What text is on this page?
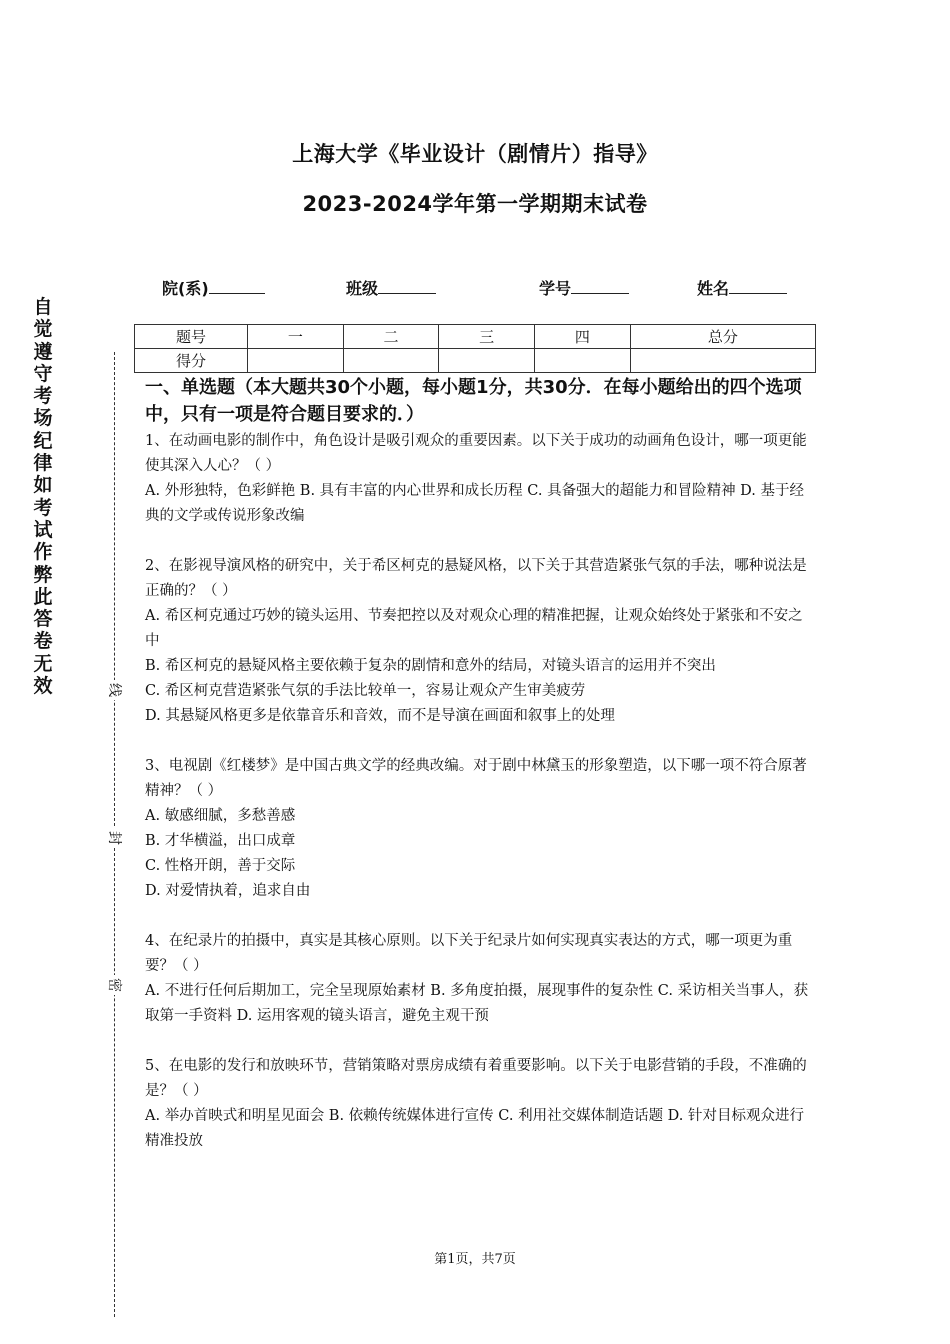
上海大学《毕业设计（剧情片）指导》
2023-2024学年第一学期期末试卷
院(系)	班级	学号	姓名
题号	一	二	三	四	总分
得分					
自觉遵守考场纪律如考试作弊此答卷无效	线
封
密
一、单选题（本大题共30个小题，每小题1分，共30分．在每小题给出的四个选项中，只有一项是符合题目要求的．）

1、在动画电影的制作中，角色设计是吸引观众的重要因素。以下关于成功的动画角色设计，哪一项更能使其深入人心？（ ）

A. 外形独特，色彩鲜艳 B. 具有丰富的内心世界和成长历程 C. 具备强大的超能力和冒险精神 D. 基于经典的文学或传说形象改编

2、在影视导演风格的研究中，关于希区柯克的悬疑风格，以下关于其营造紧张气氛的手法，哪种说法是正确的？（ ）

A. 希区柯克通过巧妙的镜头运用、节奏把控以及对观众心理的精准把握，让观众始终处于紧张和不安之中

B. 希区柯克的悬疑风格主要依赖于复杂的剧情和意外的结局，对镜头语言的运用并不突出

C. 希区柯克营造紧张气氛的手法比较单一，容易让观众产生审美疲劳

D. 其悬疑风格更多是依靠音乐和音效，而不是导演在画面和叙事上的处理

3、电视剧《红楼梦》是中国古典文学的经典改编。对于剧中林黛玉的形象塑造，以下哪一项不符合原著精神？（ ）

A. 敏感细腻，多愁善感

B. 才华横溢，出口成章

C. 性格开朗，善于交际

D. 对爱情执着，追求自由

4、在纪录片的拍摄中，真实是其核心原则。以下关于纪录片如何实现真实表达的方式，哪一项更为重要？（ ）

A. 不进行任何后期加工，完全呈现原始素材 B. 多角度拍摄，展现事件的复杂性 C. 采访相关当事人，获取第一手资料 D. 运用客观的镜头语言，避免主观干预

5、在电影的发行和放映环节，营销策略对票房成绩有着重要影响。以下关于电影营销的手段，不准确的是？（ ）

A. 举办首映式和明星见面会 B. 依赖传统媒体进行宣传 C. 利用社交媒体制造话题 D. 针对目标观众进行精准投放

第1页，共7页
